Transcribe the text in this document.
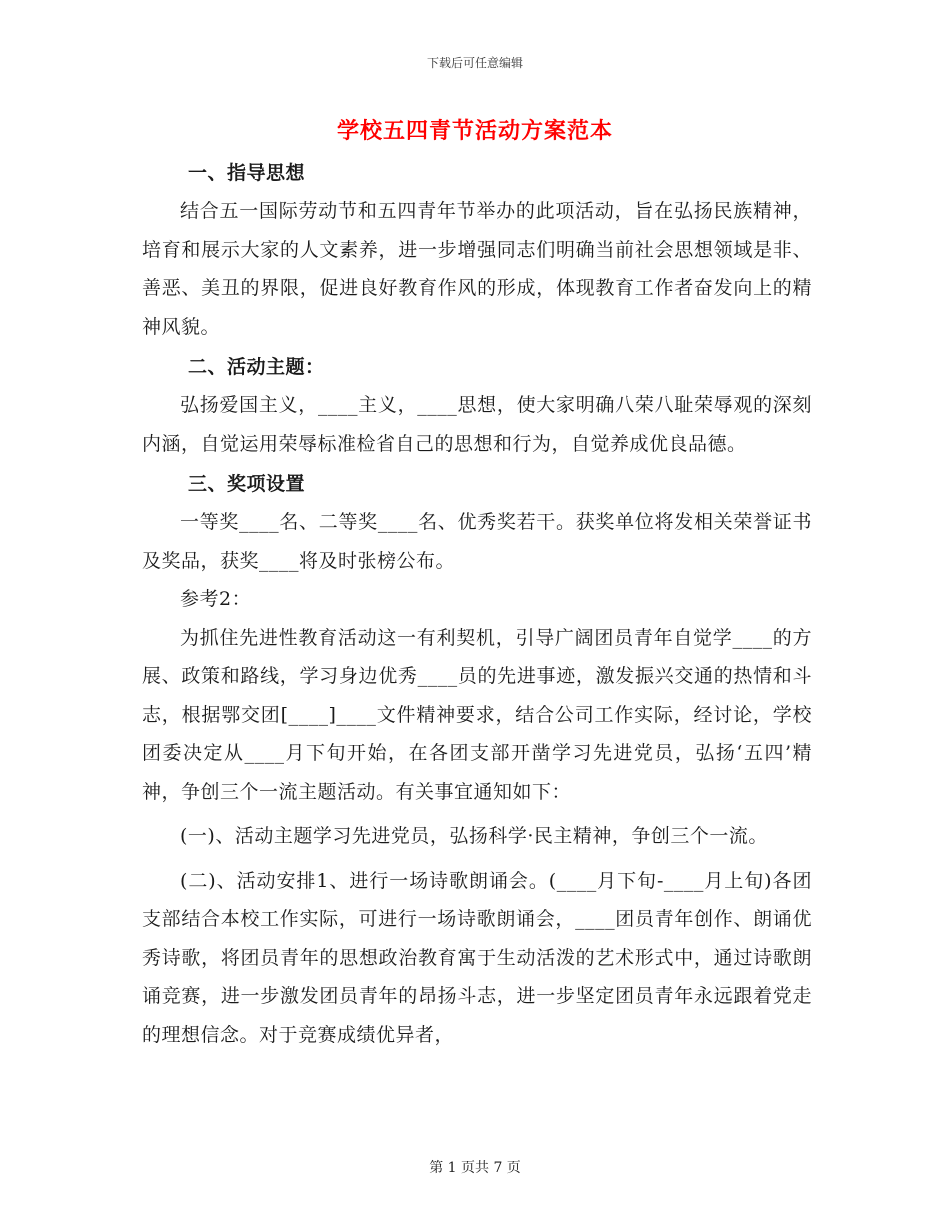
下载后可任意编辑
学校五四青节活动方案范本
一、指导思想

结合五一国际劳动节和五四青年节举办的此项活动，旨在弘扬民族精神，培育和展示大家的人文素养，进一步增强同志们明确当前社会思想领域是非、善恶、美丑的界限，促进良好教育作风的形成，体现教育工作者奋发向上的精神风貌。

二、活动主题：

弘扬爱国主义，____主义，____思想，使大家明确八荣八耻荣辱观的深刻内涵，自觉运用荣辱标准检省自己的思想和行为，自觉养成优良品德。

三、奖项设置

一等奖____名、二等奖____名、优秀奖若干。获奖单位将发相关荣誉证书及奖品，获奖____将及时张榜公布。

参考2：

为抓住先进性教育活动这一有利契机，引导广阔团员青年自觉学____的方展、政策和路线，学习身边优秀____员的先进事迹，激发振兴交通的热情和斗志，根据鄂交团[____]____文件精神要求，结合公司工作实际，经讨论，学校团委决定从____月下旬开始，在各团支部开凿学习先进党员，弘扬‘五四’精神，争创三个一流主题活动。有关事宜通知如下：

(一)、活动主题学习先进党员，弘扬科学·民主精神，争创三个一流。

(二)、活动安排1、进行一场诗歌朗诵会。(____月下旬-____月上旬)各团支部结合本校工作实际，可进行一场诗歌朗诵会，____团员青年创作、朗诵优秀诗歌，将团员青年的思想政治教育寓于生动活泼的艺术形式中，通过诗歌朗诵竞赛，进一步激发团员青年的昂扬斗志，进一步坚定团员青年永远跟着党走的理想信念。对于竞赛成绩优异者，

第 1 页共 7 页
